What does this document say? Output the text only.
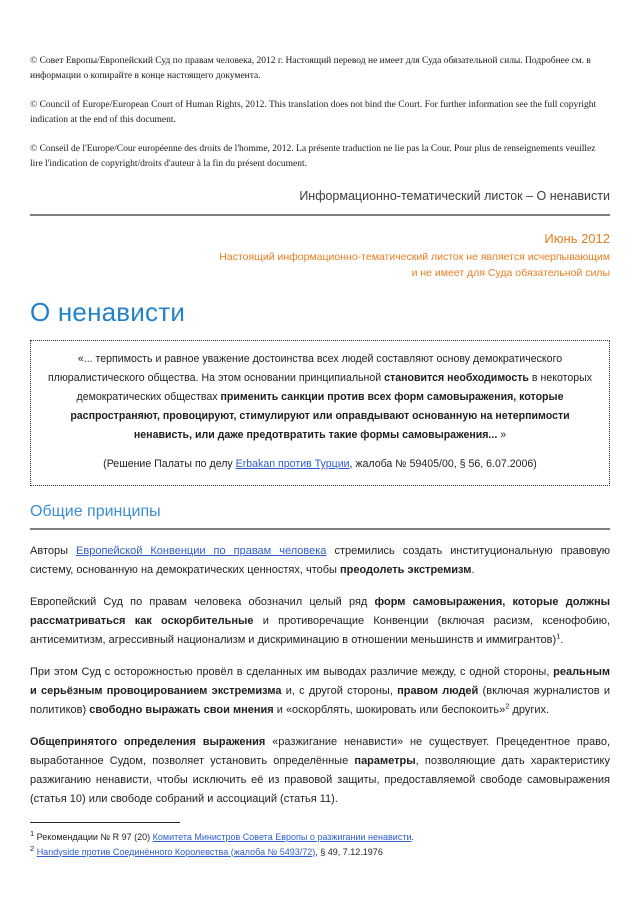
© Совет Европы/Европейский Суд по правам человека, 2012 г. Настоящий перевод не имеет для Суда обязательной силы. Подробнее см. в информации о копирайте в конце настоящего документа.

© Council of Europe/European Court of Human Rights, 2012. This translation does not bind the Court. For further information see the full copyright indication at the end of this document.

© Conseil de l'Europe/Cour européenne des droits de l'homme, 2012. La présente traduction ne lie pas la Cour. Pour plus de renseignements veuillez lire l'indication de copyright/droits d'auteur à la fin du présent document.

Информационно-тематический листок – О ненависти
Июнь 2012
Настоящий информационно-тематический листок не является исчерпывающим
и не имеет для Суда обязательной силы
О ненависти
«... терпимость и равное уважение достоинства всех людей составляют основу демократического плюралистического общества. На этом основании принципиальной становится необходимость в некоторых демократических обществах применить санкции против всех форм самовыражения, которые распространяют, провоцируют, стимулируют или оправдывают основанную на нетерпимости ненависть, или даже предотвратить такие формы самовыражения... »
(Решение Палаты по делу Erbakan против Турции, жалоба № 59405/00, § 56, 6.07.2006)
Общие принципы

Авторы Европейской Конвенции по правам человека стремились создать институциональную правовую систему, основанную на демократических ценностях, чтобы преодолеть экстремизм.

Европейский Суд по правам человека обозначил целый ряд форм самовыражения, которые должны рассматриваться как оскорбительные и противоречащие Конвенции (включая расизм, ксенофобию, антисемитизм, агрессивный национализм и дискриминацию в отношении меньшинств и иммигрантов)$^1$.

При этом Суд с осторожностью провёл в сделанных им выводах различие между, с одной стороны, реальным и серьёзным провоцированием экстремизма и, с другой стороны, правом людей (включая журналистов и политиков) свободно выражать свои мнения и «оскорблять, шокировать или беспокоить»$^2$ других.

Общепринятого определения выражения «разжигание ненависти» не существует. Прецедентное право, выработанное Судом, позволяет установить определённые параметры, позволяющие дать характеристику разжиганию ненависти, чтобы исключить её из правовой защиты, предоставляемой свободе самовыражения (статья 10) или свободе собраний и ассоциаций (статья 11).

$^1$ Рекомендации № R 97 (20) Комитета Министров Совета Европы о разжигании ненависти.
$^2$ Handyside против Соединённого Королевства (жалоба № 5493/72), § 49, 7.12.1976
